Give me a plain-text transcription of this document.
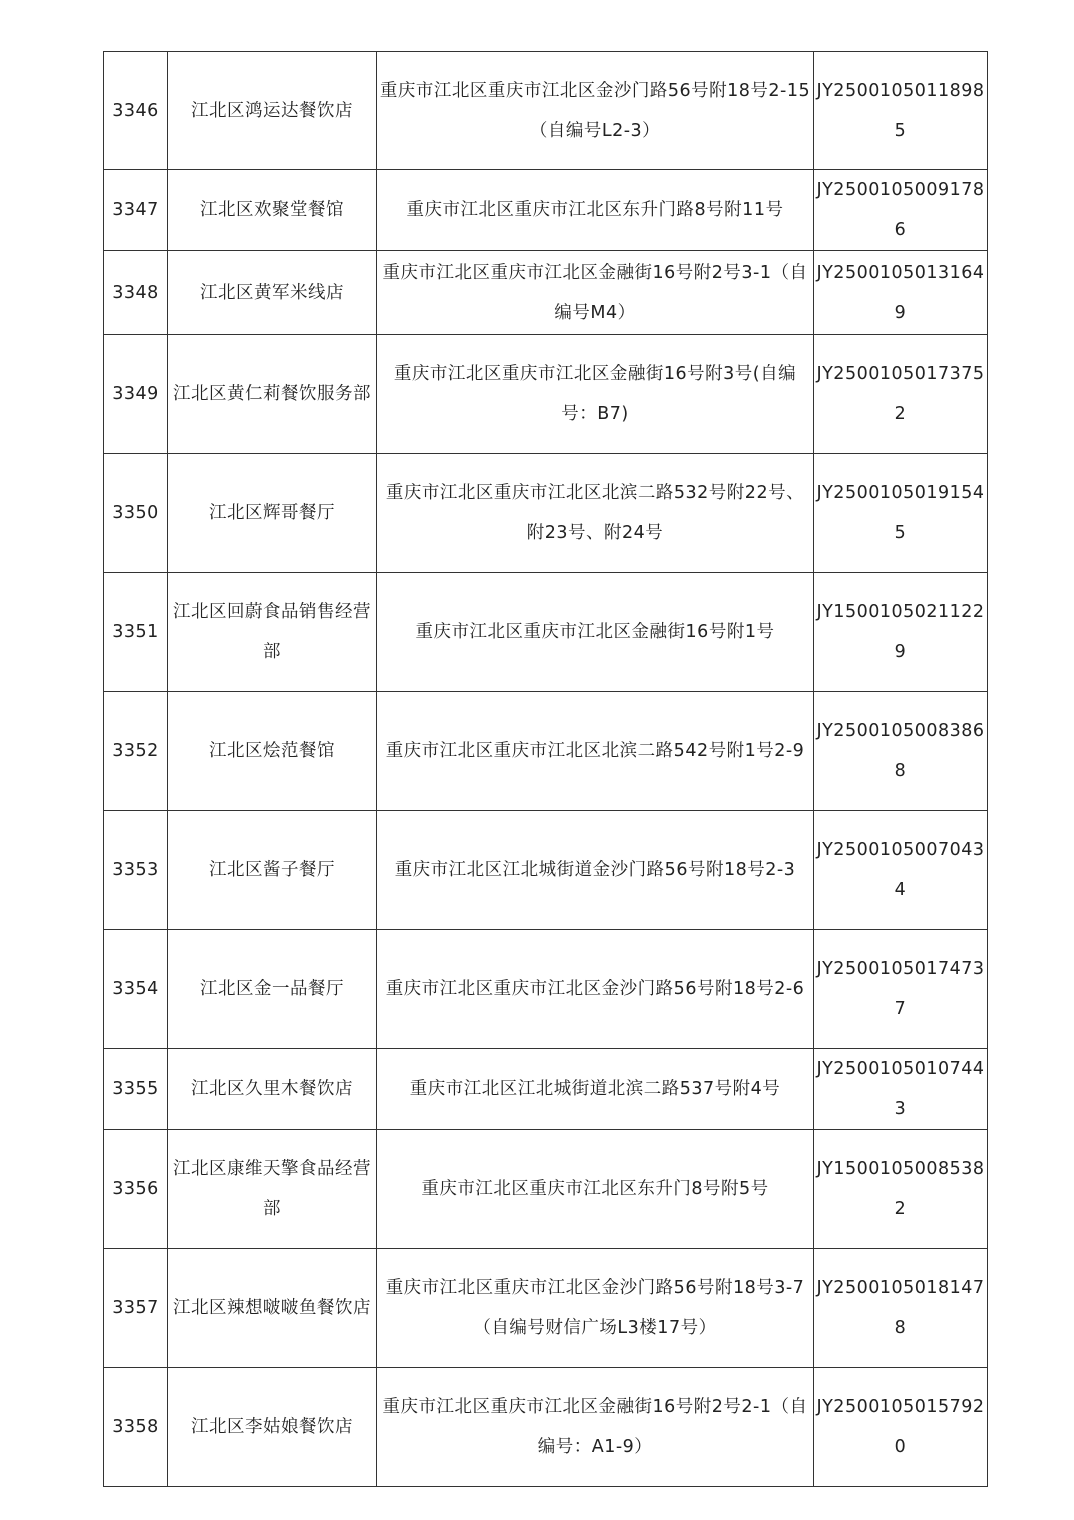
3346	江北区鸿运达餐饮店	重庆市江北区重庆市江北区金沙门路56号附18号2-15（自编号L2-3）	JY25001050118985
3347	江北区欢聚堂餐馆	重庆市江北区重庆市江北区东升门路8号附11号	JY25001050091786
3348	江北区黄军米线店	重庆市江北区重庆市江北区金融街16号附2号3-1（自编号M4）	JY25001050131649
3349	江北区黄仁莉餐饮服务部	重庆市江北区重庆市江北区金融街16号附3号(自编号：B7)	JY25001050173752
3350	江北区辉哥餐厅	重庆市江北区重庆市江北区北滨二路532号附22号、附23号、附24号	JY25001050191545
3351	江北区回蔚食品销售经营部	重庆市江北区重庆市江北区金融街16号附1号	JY15001050211229
3352	江北区烩范餐馆	重庆市江北区重庆市江北区北滨二路542号附1号2-9	JY25001050083868
3353	江北区酱子餐厅	重庆市江北区江北城街道金沙门路56号附18号2-3	JY25001050070434
3354	江北区金一品餐厅	重庆市江北区重庆市江北区金沙门路56号附18号2-6	JY25001050174737
3355	江北区久里木餐饮店	重庆市江北区江北城街道北滨二路537号附4号	JY25001050107443
3356	江北区康维天擎食品经营部	重庆市江北区重庆市江北区东升门8号附5号	JY15001050085382
3357	江北区辣想啵啵鱼餐饮店	重庆市江北区重庆市江北区金沙门路56号附18号3-7（自编号财信广场L3楼17号）	JY25001050181478
3358	江北区李姑娘餐饮店	重庆市江北区重庆市江北区金融街16号附2号2-1（自编号：A1-9）	JY25001050157920
